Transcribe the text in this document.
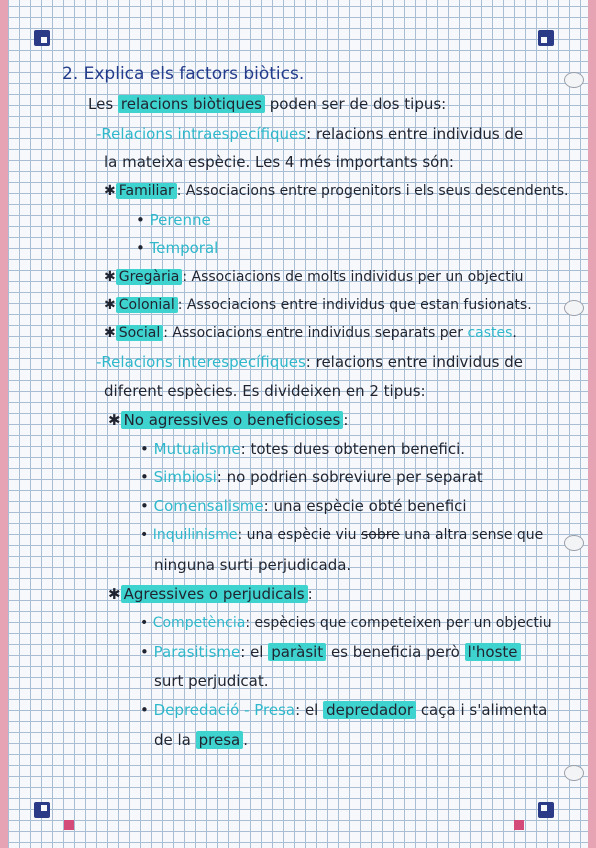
2. Explica els factors biòtics.
Les relacions biòtiques poden ser de dos tipus:
-Relacions intraespecífiques: relacions entre individus de
la mateixa espècie. Les 4 més importants són:
✱ Familiar : Associacions entre progenitors i els seus descendents.
• Perenne
• Temporal
✱ Gregària : Associacions de molts individus per un objectiu
✱ Colonial : Associacions entre individus que estan fusionats.
✱ Social : Associacions entre individus separats per castes.
-Relacions interespecífiques: relacions entre individus de
diferent espècies. Es divideixen en 2 tipus:
✱ No agressives o beneficioses :
• Mutualisme: totes dues obtenen benefici.
• Simbiosi: no podrien sobreviure per separat
• Comensalisme: una espècie obté benefici
• Inquilinisme: una espècie viu sobre una altra sense que
ninguna surti perjudicada.
✱ Agressives o perjudicals :
• Competència: espècies que competeixen per un objectiu
• Parasitisme: el paràsit es beneficia però l'hoste
surt perjudicat.
• Depredació - Presa: el depredador caça i s'alimenta
de la presa .
